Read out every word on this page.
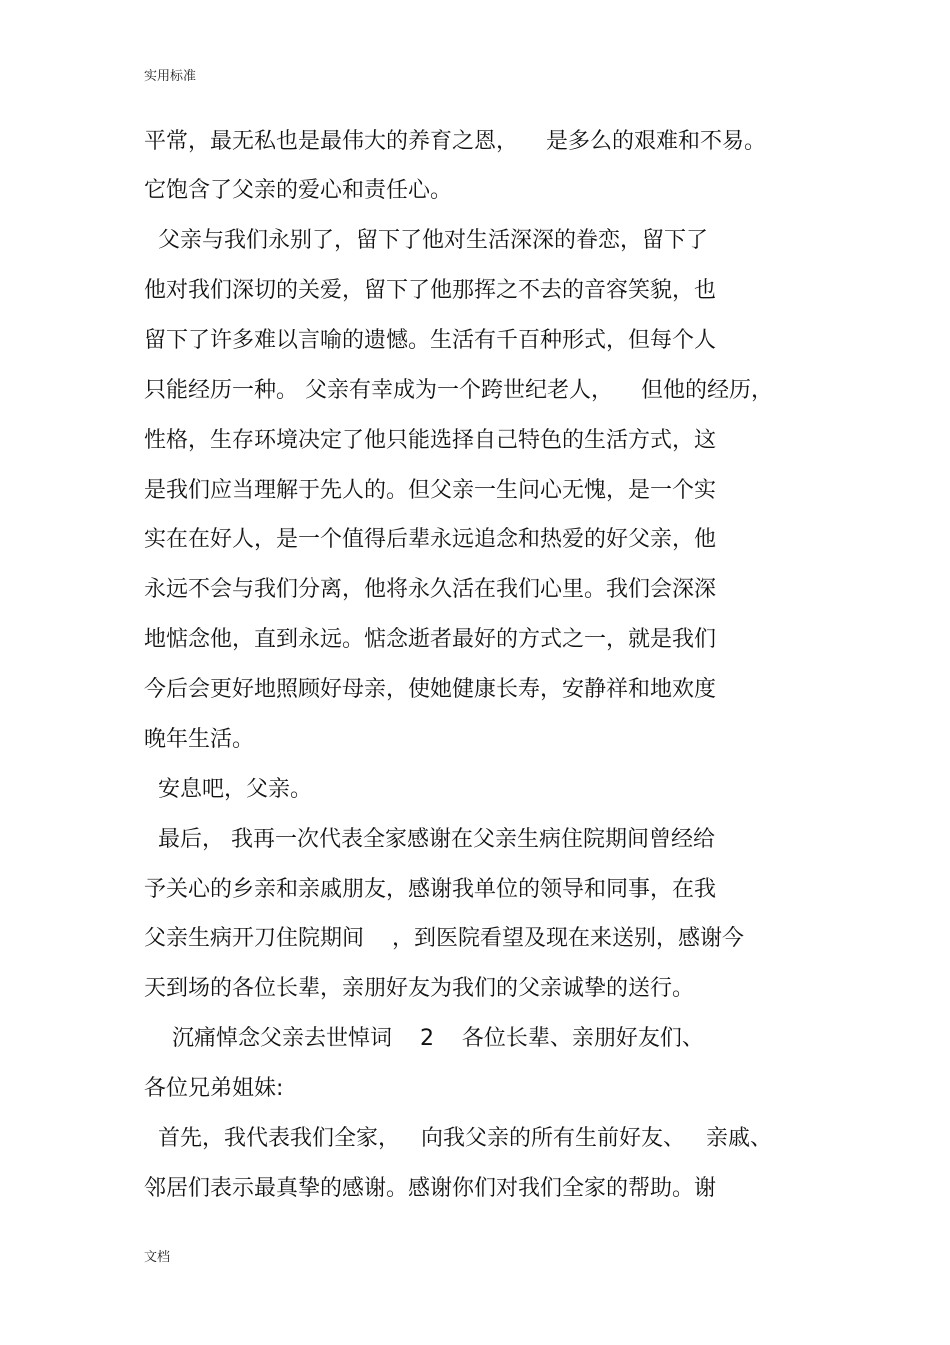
实用标准
平常，最无私也是最伟大的养育之恩，    是多么的艰难和不易。
它饱含了父亲的爱心和责任心。
父亲与我们永别了，留下了他对生活深深的眷恋，留下了
他对我们深切的关爱，留下了他那挥之不去的音容笑貌，也
留下了许多难以言喻的遗憾。生活有千百种形式，但每个人
只能经历一种。 父亲有幸成为一个跨世纪老人，    但他的经历，
性格，生存环境决定了他只能选择自己特色的生活方式，这
是我们应当理解于先人的。但父亲一生问心无愧，是一个实
实在在好人，是一个值得后辈永远追念和热爱的好父亲，他
永远不会与我们分离，他将永久活在我们心里。我们会深深
地惦念他，直到永远。惦念逝者最好的方式之一，就是我们
今后会更好地照顾好母亲，使她健康长寿，安静祥和地欢度
晚年生活。
安息吧，父亲。
最后， 我再一次代表全家感谢在父亲生病住院期间曾经给
予关心的乡亲和亲戚朋友，感谢我单位的领导和同事，在我
父亲生病开刀住院期间    ，到医院看望及现在来送别，感谢今
天到场的各位长辈，亲朋好友为我们的父亲诚挚的送行。
沉痛悼念父亲去世悼词    2    各位长辈、亲朋好友们、
各位兄弟姐妹:
首先，我代表我们全家，   向我父亲的所有生前好友、   亲戚、
邻居们表示最真挚的感谢。感谢你们对我们全家的帮助。谢
文档
